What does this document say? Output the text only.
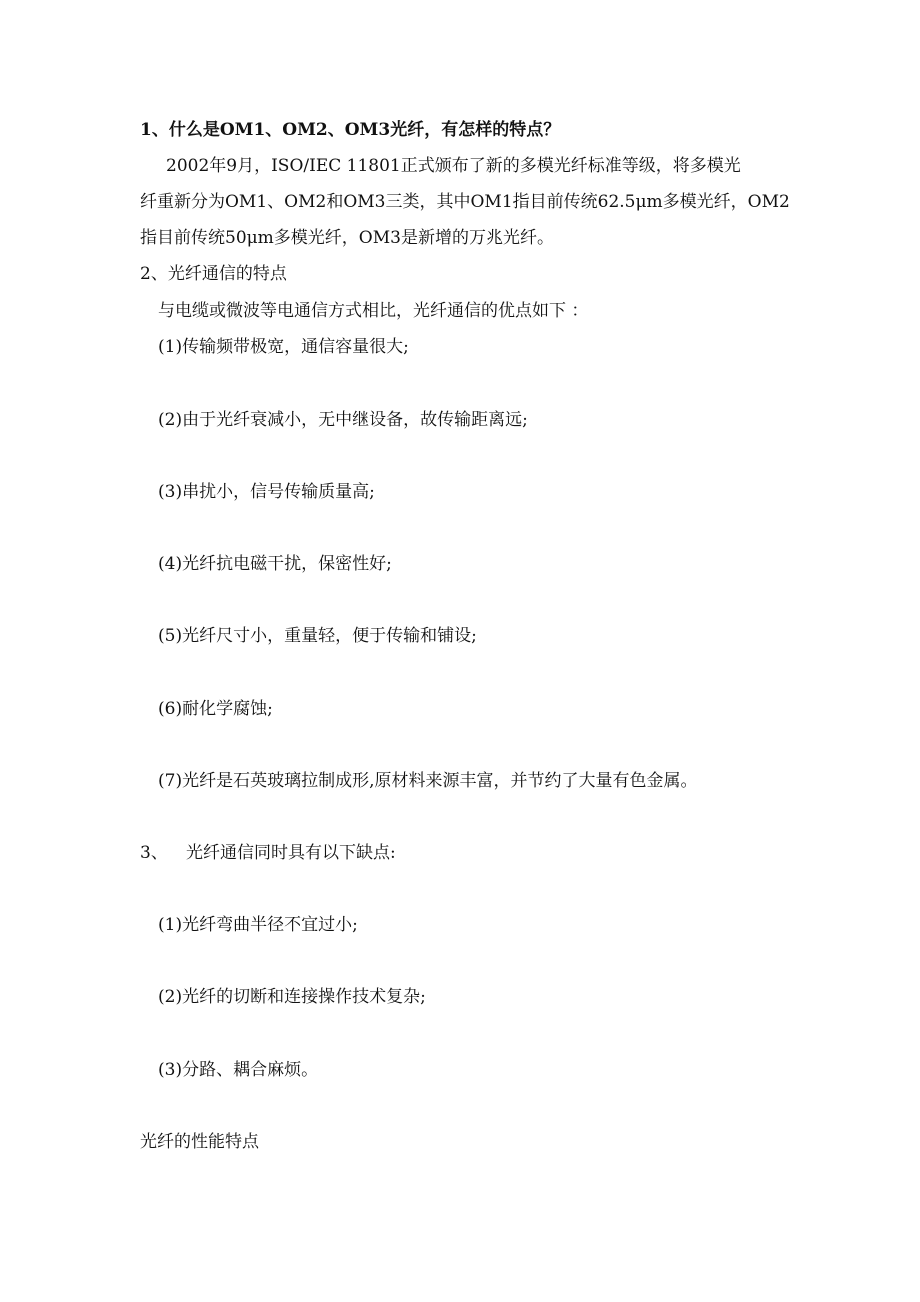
1、什么是OM1、OM2、OM3光纤，有怎样的特点？
2002年9月，ISO/IEC 11801正式颁布了新的多模光纤标准等级，将多模光
纤重新分为OM1、OM2和OM3三类，其中OM1指目前传统62.5μm多模光纤，OM2
指目前传统50μm多模光纤，OM3是新增的万兆光纤。
2、光纤通信的特点
与电缆或微波等电通信方式相比，光纤通信的优点如下 ：
(1)传输频带极宽，通信容量很大;
(2)由于光纤衰减小，无中继设备，故传输距离远;
(3)串扰小，信号传输质量高;
(4)光纤抗电磁干扰，保密性好;
(5)光纤尺寸小，重量轻，便于传输和铺设;
(6)耐化学腐蚀;
(7)光纤是石英玻璃拉制成形,原材料来源丰富，并节约了大量有色金属。
3、 光纤通信同时具有以下缺点:
(1)光纤弯曲半径不宜过小;
(2)光纤的切断和连接操作技术复杂;
(3)分路、耦合麻烦。
光纤的性能特点
